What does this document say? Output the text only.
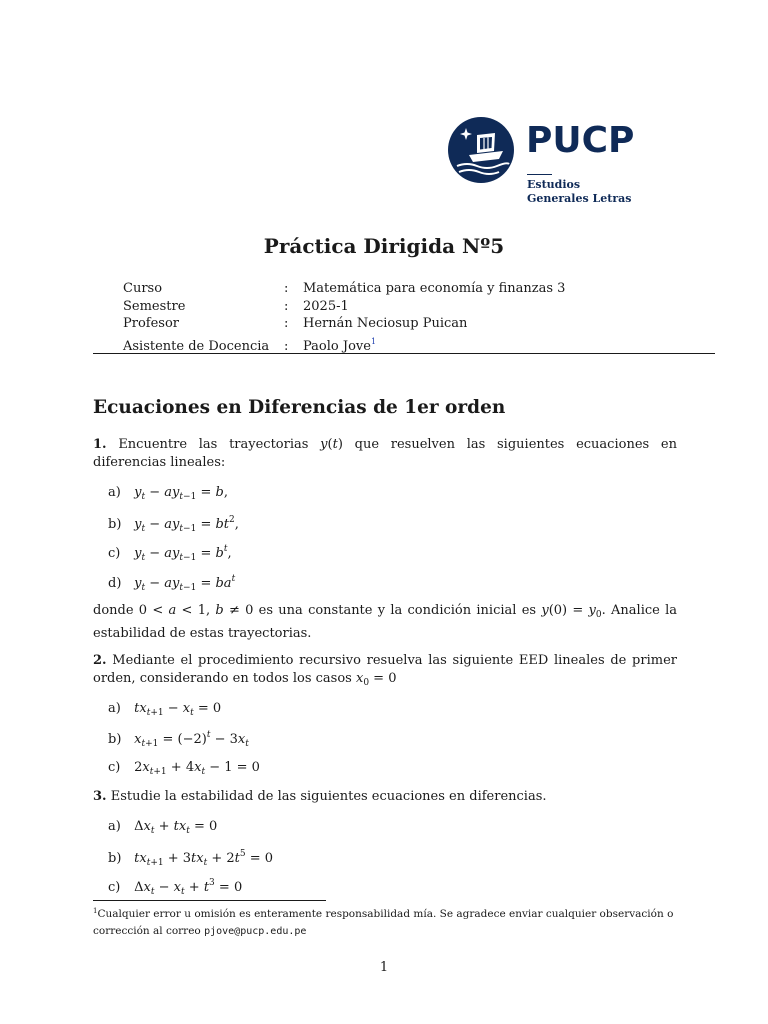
PUCP
Estudios
Generales Letras
Práctica Dirigida Nº5
Curso	: Matemática para economía y finanzas 3
Semestre	: 2025-1
Profesor	: Hernán Neciosup Puican
Asistente de Docencia : Paolo Jove$^1$
Ecuaciones en Diferencias de 1er orden
1. Encuentre las trayectorias y(t) que resuelven las siguientes ecuaciones en diferencias lineales:
a) $y_t - ay_{t-1} = b$,
b) $y_t - ay_{t-1} = bt^2$,
c) $y_t - ay_{t-1} = b^t$,
d) $y_t - ay_{t-1} = ba^t$
donde 0 < a < 1, b ≠ 0 es una constante y la condición inicial es $y(0) = y_0$. Analice la estabilidad de estas trayectorias.
2. Mediante el procedimiento recursivo resuelva las siguiente EED lineales de primer orden, considerando en todos los casos $x_0 = 0$
a) $tx_{t+1} - x_t = 0$
b) $x_{t+1} = (-2)^t - 3x_t$
c) $2x_{t+1} + 4x_t - 1 = 0$
3. Estudie la estabilidad de las siguientes ecuaciones en diferencias.
a) $\Delta x_t + tx_t = 0$
b) $tx_{t+1} + 3tx_t + 2t^5 = 0$
c) $\Delta x_t - x_t + t^3 = 0$
$^1$Cualquier error u omisión es enteramente responsabilidad mía. Se agradece enviar cualquier observación o corrección al correo pjove@pucp.edu.pe
1
